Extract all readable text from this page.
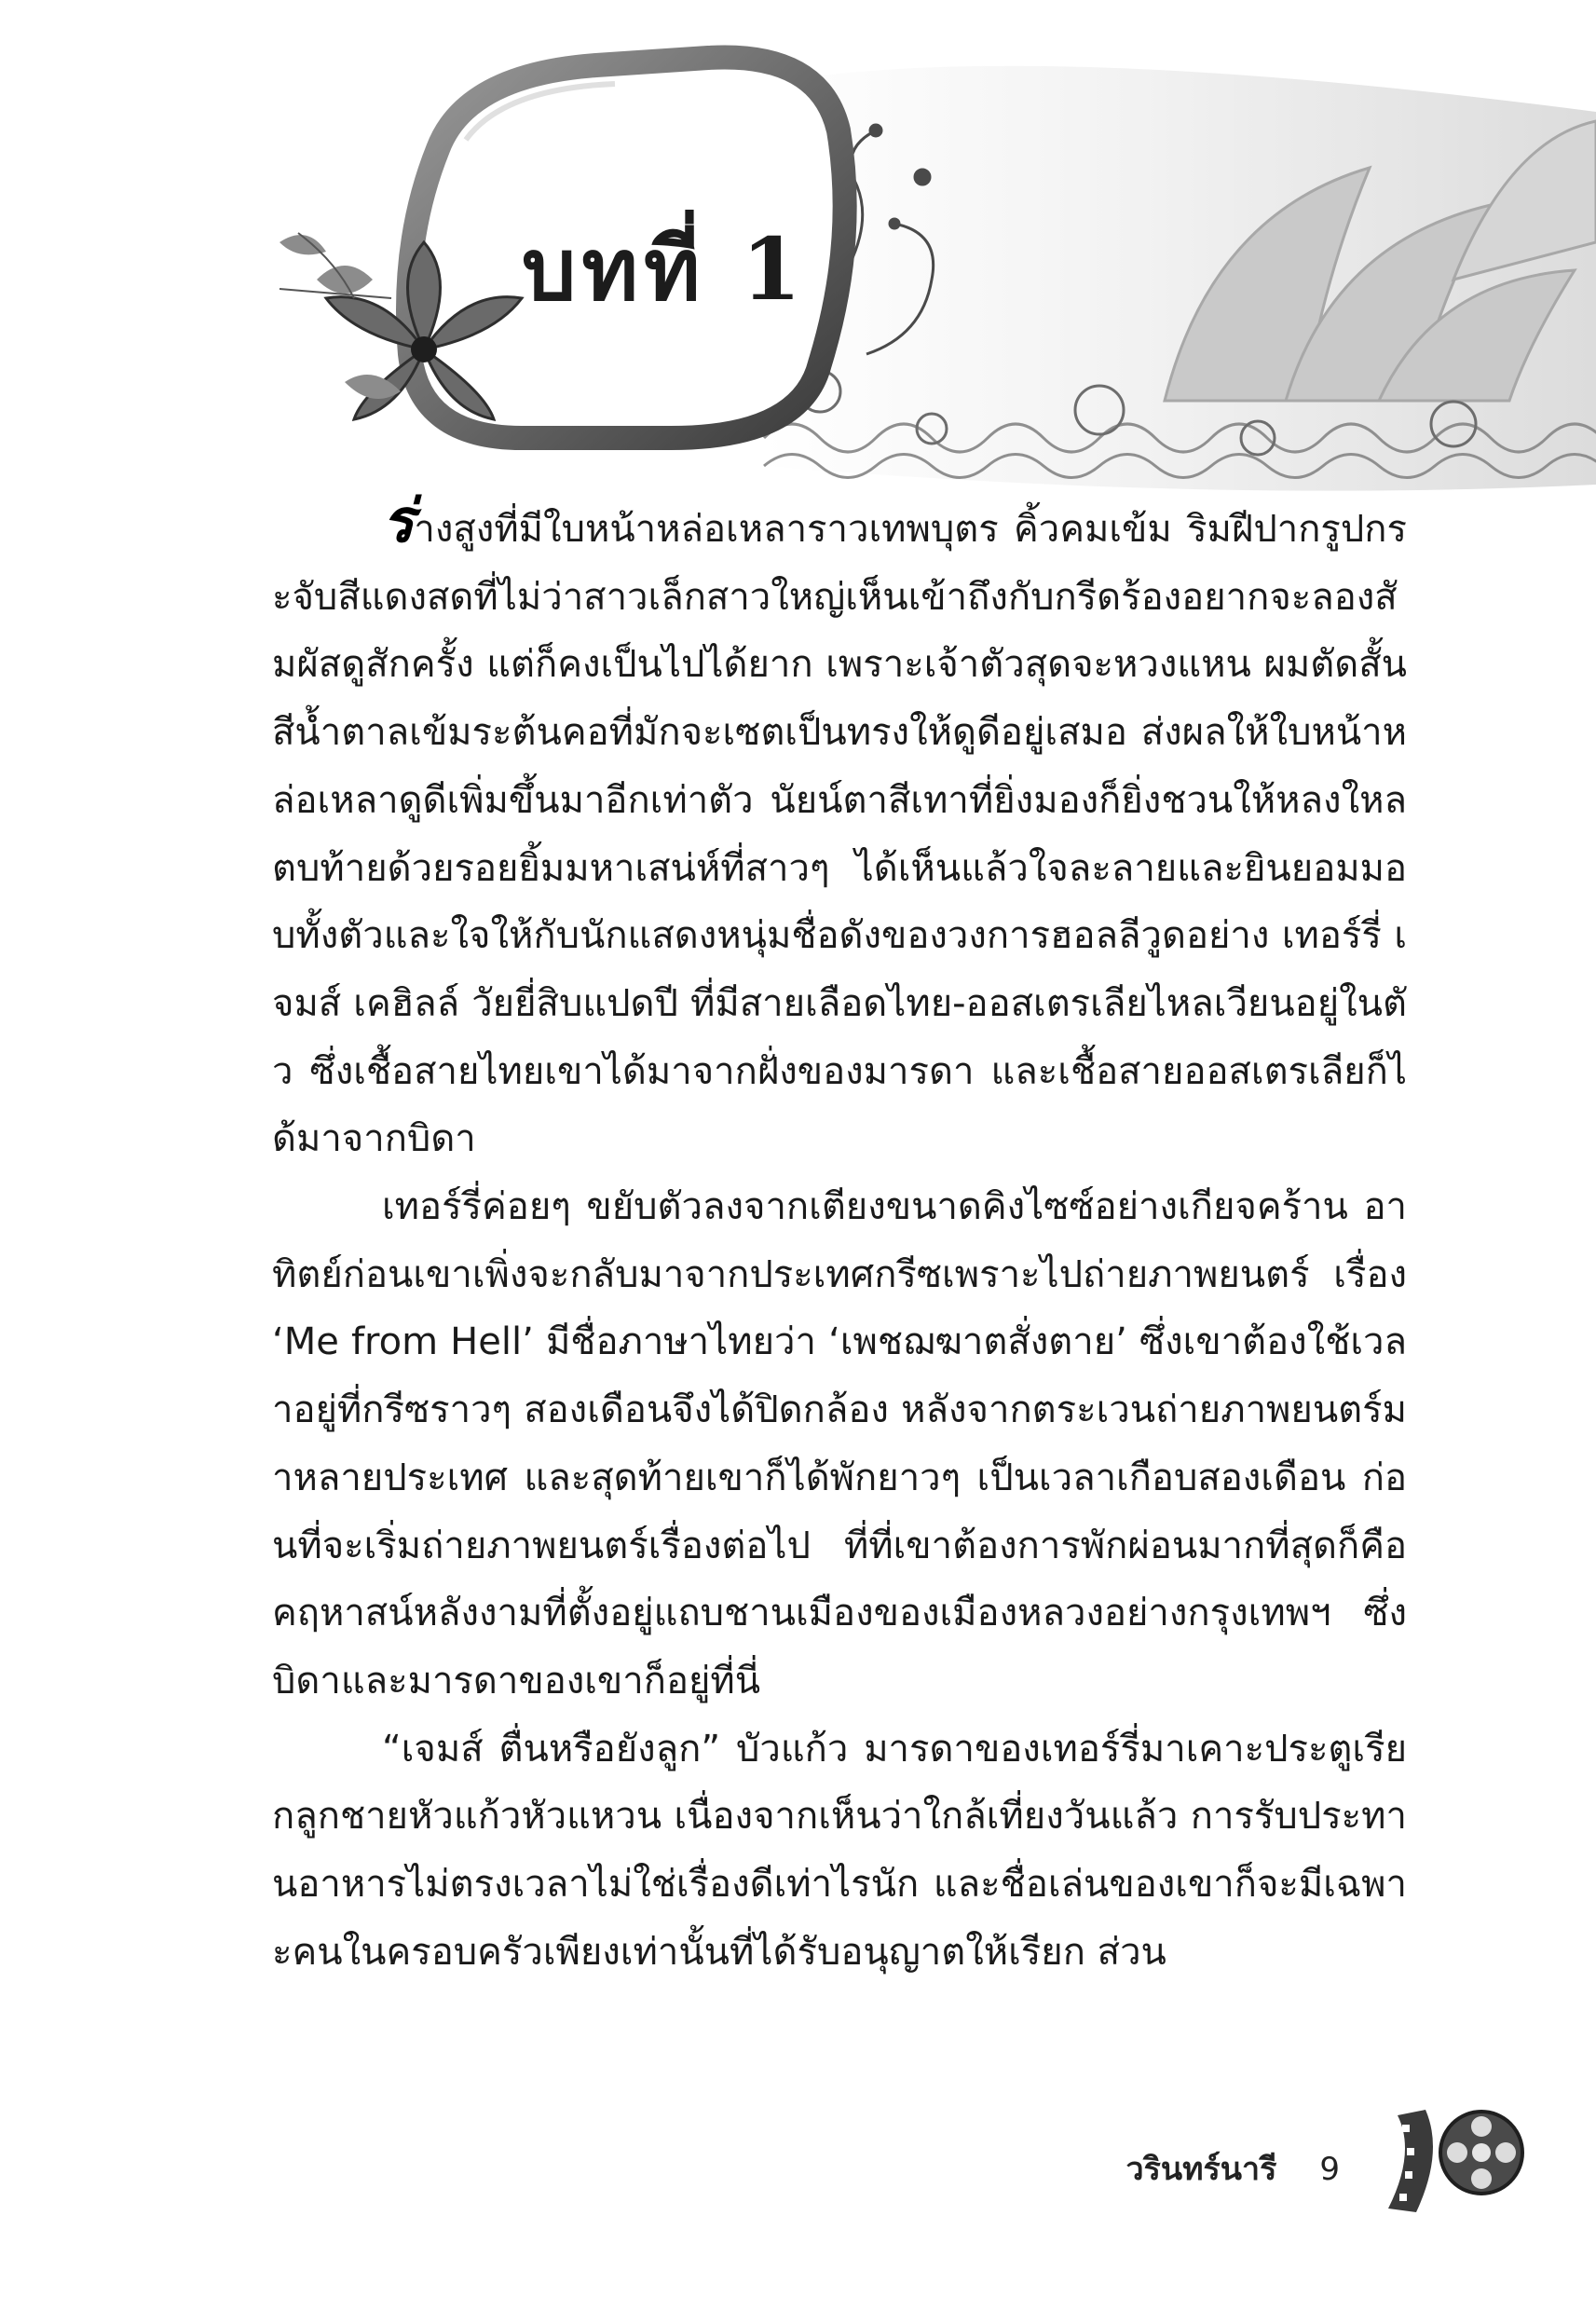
บทที่ 1

ร่างสูงที่มีใบหน้าหล่อเหลาราวเทพบุตร คิ้วคมเข้ม ริมฝีปากรูปกระจับสีแดงสดที่ไม่ว่าสาวเล็กสาวใหญ่เห็นเข้าถึงกับกรีดร้องอยากจะลองสัมผัสดูสักครั้ง แต่ก็คงเป็นไปได้ยาก เพราะเจ้าตัวสุดจะหวงแหน ผมตัดสั้นสีน้ำตาลเข้มระต้นคอที่มักจะเซตเป็นทรงให้ดูดีอยู่เสมอ ส่งผลให้ใบหน้าหล่อเหลาดูดีเพิ่มขึ้นมาอีกเท่าตัว นัยน์ตาสีเทาที่ยิ่งมองก็ยิ่งชวนให้หลงใหล ตบท้ายด้วยรอยยิ้มมหาเสน่ห์ที่สาวๆ ได้เห็นแล้วใจละลายและยินยอมมอบทั้งตัวและใจให้กับนักแสดงหนุ่มชื่อดังของวงการฮอลลีวูดอย่าง เทอร์รี่ เจมส์ เคฮิลล์ วัยยี่สิบแปดปี ที่มีสายเลือดไทย-ออสเตรเลียไหลเวียนอยู่ในตัว ซึ่งเชื้อสายไทยเขาได้มาจากฝั่งของมารดา และเชื้อสายออสเตรเลียก็ได้มาจากบิดา

เทอร์รี่ค่อยๆ ขยับตัวลงจากเตียงขนาดคิงไซซ์อย่างเกียจคร้าน อาทิตย์ก่อนเขาเพิ่งจะกลับมาจากประเทศกรีซเพราะไปถ่ายภาพยนตร์ เรื่อง ‘Me from Hell’ มีชื่อภาษาไทยว่า ‘เพชฌฆาตสั่งตาย’ ซึ่งเขาต้องใช้เวลาอยู่ที่กรีซราวๆ สองเดือนจึงได้ปิดกล้อง หลังจากตระเวนถ่ายภาพยนตร์มาหลายประเทศ และสุดท้ายเขาก็ได้พักยาวๆ เป็นเวลาเกือบสองเดือน ก่อนที่จะเริ่มถ่ายภาพยนตร์เรื่องต่อไป ที่ที่เขาต้องการพักผ่อนมากที่สุดก็คือคฤหาสน์หลังงามที่ตั้งอยู่แถบชานเมืองของเมืองหลวงอย่างกรุงเทพฯ ซึ่งบิดาและมารดาของเขาก็อยู่ที่นี่

“เจมส์ ตื่นหรือยังลูก” บัวแก้ว มารดาของเทอร์รี่มาเคาะประตูเรียกลูกชายหัวแก้วหัวแหวน เนื่องจากเห็นว่าใกล้เที่ยงวันแล้ว การรับประทานอาหารไม่ตรงเวลาไม่ใช่เรื่องดีเท่าไรนัก และชื่อเล่นของเขาก็จะมีเฉพาะคนในครอบครัวเพียงเท่านั้นที่ได้รับอนุญาตให้เรียก ส่วน

วรินทร์นารี 9
